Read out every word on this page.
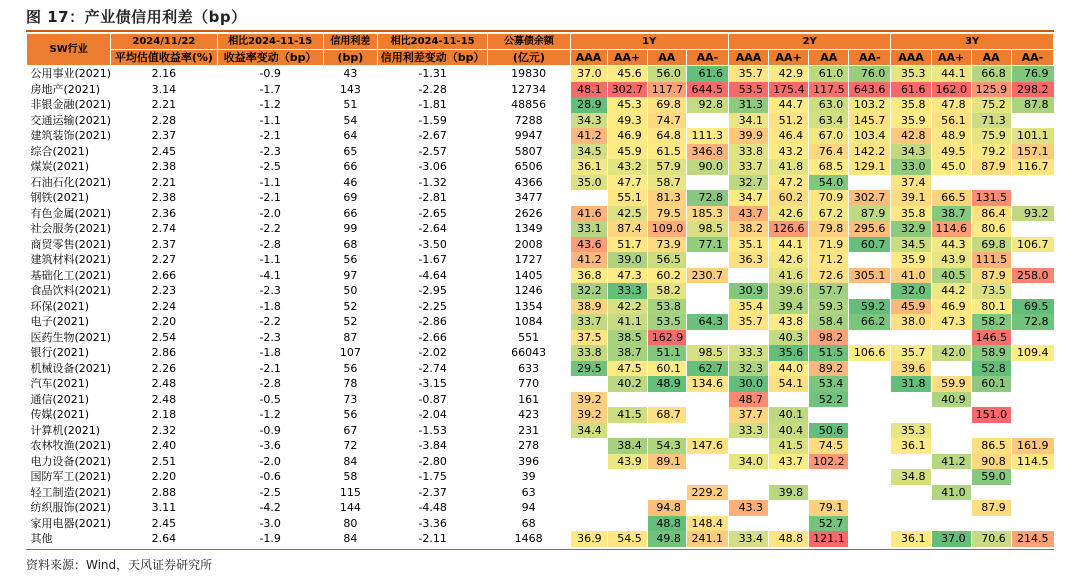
图 17：产业债信用利差（bp）
SW行业	2024/11/22	相比2024-11-15	信用利差	相比2024-11-15	公募债余额	1Y				2Y				3Y			
	平均估值收益率(%)	收益率变动（bp）	(bp)	信用利差变动（bp）	(亿元)	AAA	AA+	AA	AA-	AAA	AA+	AA	AA-	AAA	AA+	AA	AA-
公用事业(2021)	2.16	-0.9	43	-1.31	19830	37.0	45.6	56.0	61.6	35.7	42.9	61.0	76.0	35.3	44.1	66.8	76.9
房地产(2021)	3.14	-1.7	143	-2.28	12734	48.1	302.7	117.7	644.5	53.5	175.4	117.5	643.6	61.6	162.0	125.9	298.2
非银金融(2021)	2.21	-1.2	51	-1.81	48856	28.9	45.3	69.8	92.8	31.3	44.7	63.0	103.2	35.8	47.8	75.2	87.8
交通运输(2021)	2.28	-1.1	54	-1.59	7288	34.3	49.3	74.7		34.1	51.2	63.4	145.7	35.9	56.1	71.3	
建筑装饰(2021)	2.37	-2.1	64	-2.67	9947	41.2	46.9	64.8	111.3	39.9	46.4	67.0	103.4	42.8	48.9	75.9	101.1
综合(2021)	2.45	-2.3	65	-2.57	5807	34.5	45.9	61.5	346.8	33.8	43.2	76.4	142.2	34.3	49.5	79.2	157.1
煤炭(2021)	2.38	-2.5	66	-3.06	6506	36.1	43.2	57.9	90.0	33.7	41.8	68.5	129.1	33.0	45.0	87.9	116.7
石油石化(2021)	2.21	-1.1	46	-1.32	4366	35.0	47.7	58.7		32.7	47.2	54.0		37.4			
钢铁(2021)	2.38	-2.1	69	-2.81	3477		55.1	81.3	72.8	34.7	60.2	70.9	302.7	39.1	66.5	131.5	
有色金属(2021)	2.36	-2.0	66	-2.65	2626	41.6	42.5	79.5	185.3	43.7	42.6	67.2	87.9	35.8	38.7	86.4	93.2
社会服务(2021)	2.74	-2.2	99	-2.64	1349	33.1	87.4	109.0	98.5	38.2	126.6	79.8	295.6	32.9	114.6	80.6	
商贸零售(2021)	2.37	-2.8	68	-3.50	2008	43.6	51.7	73.9	77.1	35.1	44.1	71.9	60.7	34.5	44.3	69.8	106.7
建筑材料(2021)	2.27	-1.1	56	-1.67	1727	41.2	39.0	56.5		36.3	42.6	71.2		35.9	43.9	111.5	
基础化工(2021)	2.66	-4.1	97	-4.64	1405	36.8	47.3	60.2	230.7		41.6	72.6	305.1	41.0	40.5	87.9	258.0
食品饮料(2021)	2.23	-2.3	50	-2.95	1246	32.2	33.3	58.2		30.9	39.6	57.7		32.0	44.2	73.5	
环保(2021)	2.24	-1.8	52	-2.25	1354	38.9	42.2	53.8		35.4	39.4	59.3	59.2	45.9	46.9	80.1	69.5
电子(2021)	2.20	-2.2	52	-2.86	1084	33.7	41.1	53.5	64.3	35.7	43.8	58.4	66.2	38.0	47.3	58.2	72.8
医药生物(2021)	2.54	-2.3	87	-2.66	551	37.5	38.5	162.9			40.3	98.2				146.5	
银行(2021)	2.86	-1.8	107	-2.02	66043	33.8	38.7	51.1	98.5	33.3	35.6	51.5	106.6	35.7	42.0	58.9	109.4
机械设备(2021)	2.26	-2.1	56	-2.74	633	29.5	47.5	60.1	62.7	32.3	44.0	89.2		39.6		52.8	
汽车(2021)	2.48	-2.8	78	-3.15	770		40.2	48.9	134.6	30.0	54.1	53.4		31.8	59.9	60.1	
通信(2021)	2.48	-0.5	73	-0.87	161	39.2				48.7		52.2			40.9		
传媒(2021)	2.18	-1.2	56	-2.04	423	39.2	41.5	68.7		37.7	40.1					151.0	
计算机(2021)	2.32	-0.9	67	-1.53	231	34.4				33.3	40.4	50.6		35.3			
农林牧渔(2021)	2.40	-3.6	72	-3.84	278		38.4	54.3	147.6		41.5	74.5		36.1		86.5	161.9
电力设备(2021)	2.51	-2.0	84	-2.80	396		43.9	89.1		34.0	43.7	102.2			41.2	90.8	114.5
国防军工(2021)	2.20	-0.6	58	-1.75	39									34.8		59.0	
轻工制造(2021)	2.88	-2.5	115	-2.37	63				229.2		39.8				41.0		
纺织服饰(2021)	3.11	-4.2	144	-4.48	94			94.8		43.3		79.1				87.9	
家用电器(2021)	2.45	-3.0	80	-3.36	68			48.8	148.4			52.7					
其他	2.64	-1.9	84	-2.11	1468	36.9	54.5	49.8	241.1	33.4	48.8	121.1		36.1	37.0	70.6	214.5
资料来源：Wind，天风证券研究所
